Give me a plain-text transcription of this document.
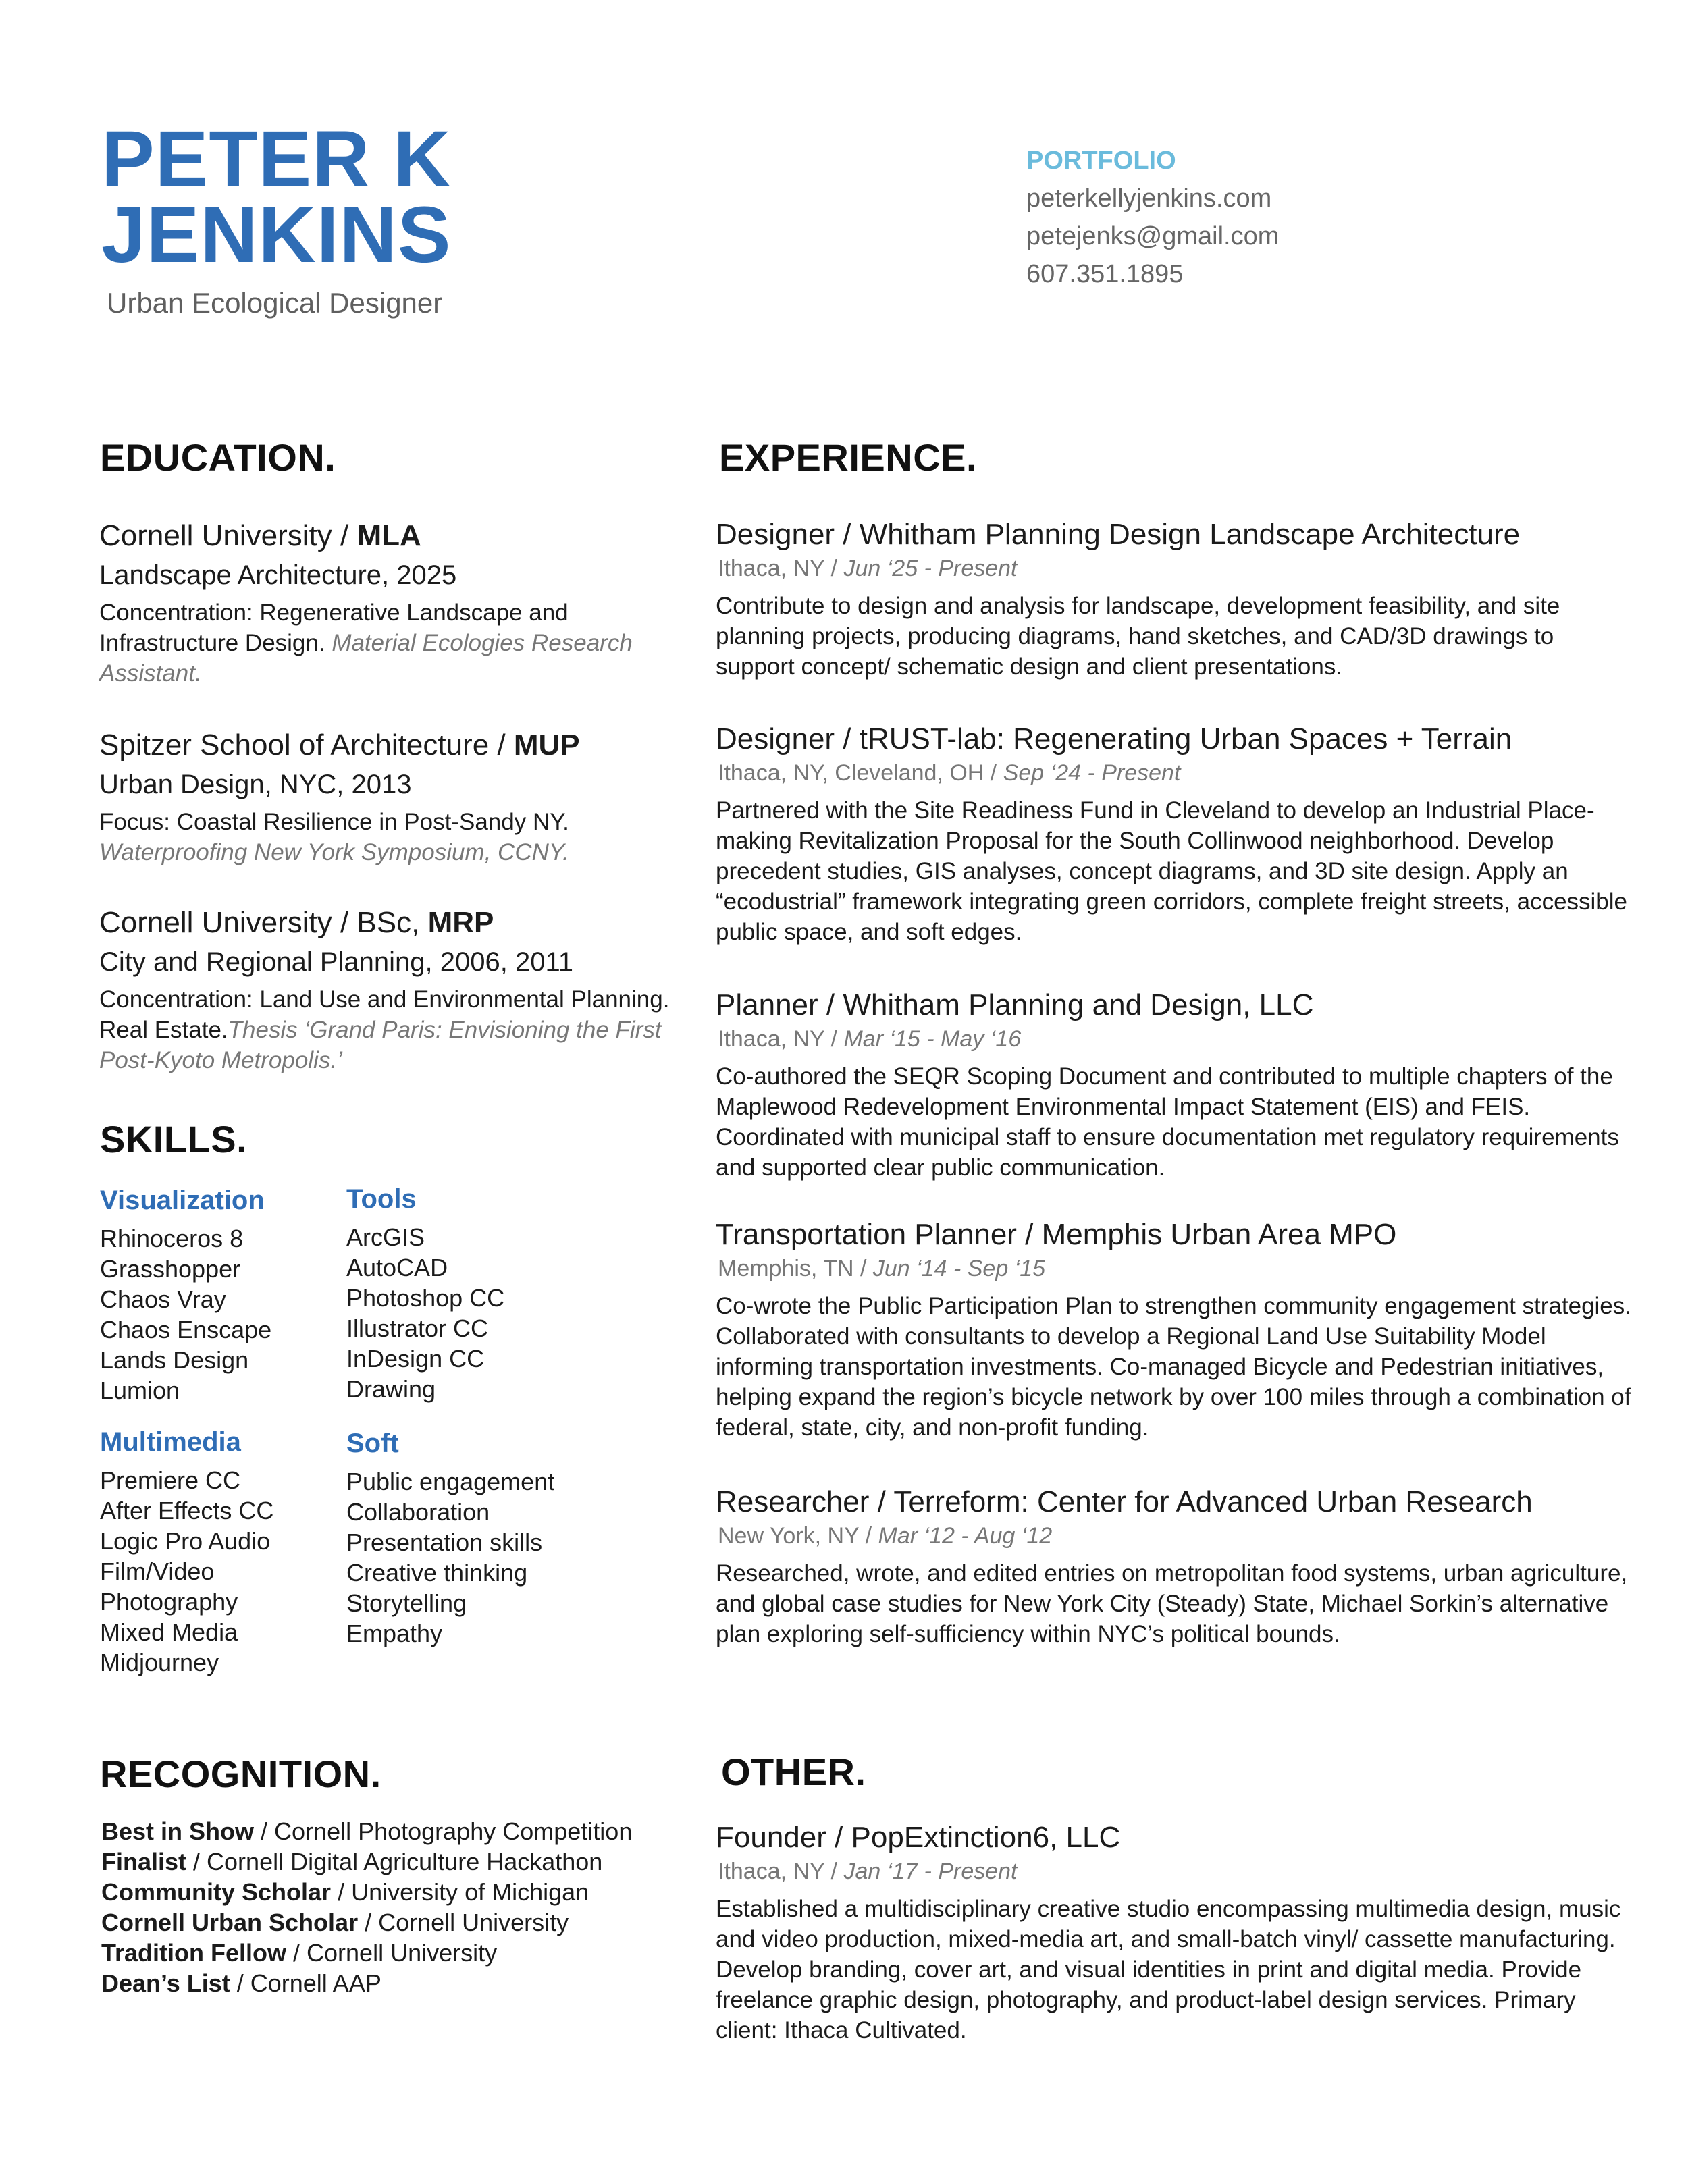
PETER K
JENKINS
Urban Ecological Designer
PORTFOLIO
peterkellyjenkins.com
petejenks@gmail.com
607.351.1895
EDUCATION.
Cornell University / MLA
Landscape Architecture, 2025
Concentration: Regenerative Landscape and Infrastructure Design. Material Ecologies Research Assistant.
Spitzer School of Architecture / MUP
Urban Design, NYC, 2013
Focus: Coastal Resilience in Post-Sandy NY.
Waterproofing New York Symposium, CCNY.
Cornell University / BSc, MRP
City and Regional Planning, 2006, 2011
Concentration: Land Use and Environmental Planning. Real Estate.Thesis ‘Grand Paris: Envisioning the First Post-Kyoto Metropolis.’
SKILLS.
Visualization
Rhinoceros 8
Grasshopper
Chaos Vray
Chaos Enscape
Lands Design
Lumion
Tools
ArcGIS
AutoCAD
Photoshop CC
Illustrator CC
InDesign CC
Drawing
Multimedia
Premiere CC
After Effects CC
Logic Pro Audio
Film/Video
Photography
Mixed Media
Midjourney
Soft
Public engagement
Collaboration
Presentation skills
Creative thinking
Storytelling
Empathy
RECOGNITION.
Best in Show / Cornell Photography Competition
Finalist / Cornell Digital Agriculture Hackathon
Community Scholar / University of Michigan
Cornell Urban Scholar / Cornell University
Tradition Fellow / Cornell University
Dean’s List / Cornell AAP
EXPERIENCE.
Designer / Whitham Planning Design Landscape Architecture
Ithaca, NY / Jun ‘25 - Present
Contribute to design and analysis for landscape, development feasibility, and site planning projects, producing diagrams, hand sketches, and CAD/3D drawings to support concept/ schematic design and client presentations.
Designer / tRUST-lab: Regenerating Urban Spaces + Terrain
Ithaca, NY, Cleveland, OH / Sep ‘24 - Present
Partnered with the Site Readiness Fund in Cleveland to develop an Industrial Place-making Revitalization Proposal for the South Collinwood neighborhood. Develop precedent studies, GIS analyses, concept diagrams, and 3D site design. Apply an “ecodustrial” framework integrating green corridors, complete freight streets, accessible public space, and soft edges.
Planner / Whitham Planning and Design, LLC
Ithaca, NY / Mar ‘15 - May ‘16
Co-authored the SEQR Scoping Document and contributed to multiple chapters of the Maplewood Redevelopment Environmental Impact Statement (EIS) and FEIS. Coordinated with municipal staff to ensure documentation met regulatory requirements and supported clear public communication.
Transportation Planner / Memphis Urban Area MPO
Memphis, TN / Jun ‘14 - Sep ‘15
Co-wrote the Public Participation Plan to strengthen community engagement strategies. Collaborated with consultants to develop a Regional Land Use Suitability Model informing transportation investments. Co-managed Bicycle and Pedestrian initiatives, helping expand the region’s bicycle network by over 100 miles through a combination of federal, state, city, and non-profit funding.
Researcher / Terreform: Center for Advanced Urban Research
New York, NY / Mar ‘12 - Aug ‘12
Researched, wrote, and edited entries on metropolitan food systems, urban agriculture, and global case studies for New York City (Steady) State, Michael Sorkin’s alternative plan exploring self-sufficiency within NYC’s political bounds.
OTHER.
Founder / PopExtinction6, LLC
Ithaca, NY / Jan ‘17 - Present
Established a multidisciplinary creative studio encompassing multimedia design, music and video production, mixed-media art, and small-batch vinyl/ cassette manufacturing. Develop branding, cover art, and visual identities in print and digital media. Provide freelance graphic design, photography, and product-label design services. Primary client: Ithaca Cultivated.
